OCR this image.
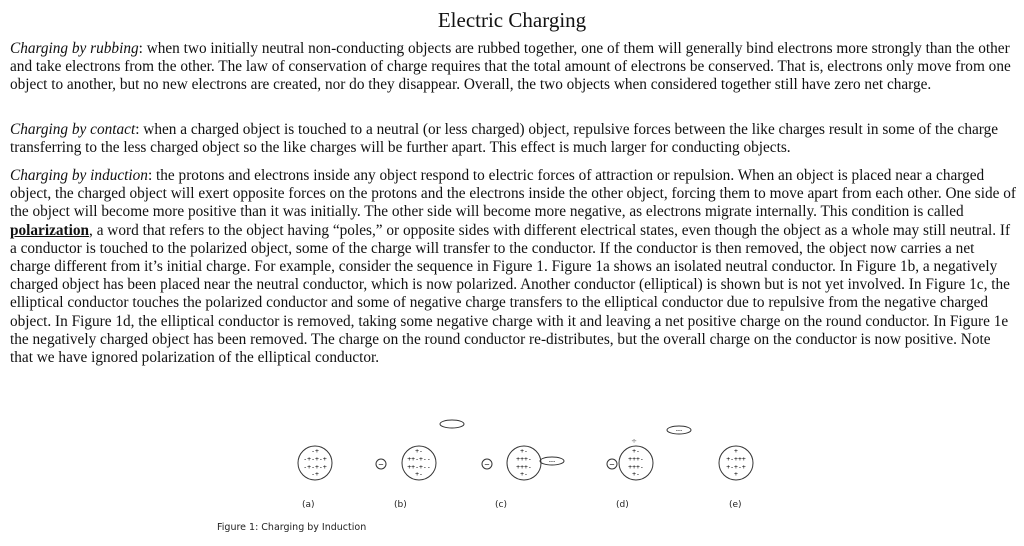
Electric Charging

Charging by rubbing: when two initially neutral non-conducting objects are rubbed together, one of them will generally bind electrons more strongly than the other and take electrons from the other. The law of conservation of charge requires that the total amount of electrons be conserved. That is, electrons only move from one object to another, but no new electrons are created, nor do they disappear. Overall, the two objects when considered together still have zero net charge.

Charging by contact: when a charged object is touched to a neutral (or less charged) object, repulsive forces between the like charges result in some of the charge transferring to the less charged object so the like charges will be further apart. This effect is much larger for conducting objects.

Charging by induction: the protons and electrons inside any object respond to electric forces of attraction or repulsion. When an object is placed near a charged object, the charged object will exert opposite forces on the protons and the electrons inside the other object, forcing them to move apart from each other. One side of the object will become more positive than it was initially. The other side will become more negative, as electrons migrate internally. This condition is called polarization, a word that refers to the object having “poles,” or opposite sides with different electrical states, even though the object as a whole may still neutral. If a conductor is touched to the polarized object, some of the charge will transfer to the conductor. If the conductor is then removed, the object now carries a net charge different from it’s initial charge. For example, consider the sequence in Figure 1. Figure 1a shows an isolated neutral conductor. In Figure 1b, a negatively charged object has been placed near the neutral conductor, which is now polarized. Another conductor (elliptical) is shown but is not yet involved. In Figure 1c, the elliptical conductor touches the polarized conductor and some of negative charge transfers to the elliptical conductor due to repulsive from the negative charged object. In Figure 1d, the elliptical conductor is removed, taking some negative charge with it and leaving a net positive charge on the round conductor. In Figure 1e the negatively charged object has been removed. The charge on the round conductor re-distributes, but the overall charge on the conductor is now positive. Note that we have ignored polarization of the elliptical conductor.

---
÷
-+
-+-+-+
-+-+-+
-+
+-
++-+--
++-+--
+-
−
+-
+++-
+++-
+-
−	---
+-
+++-
+++-
+-
−
+
+-+++
+-+-+
+
Figure 1: Charging by Induction
(a)	(b)	(c)	(d)	(e)
